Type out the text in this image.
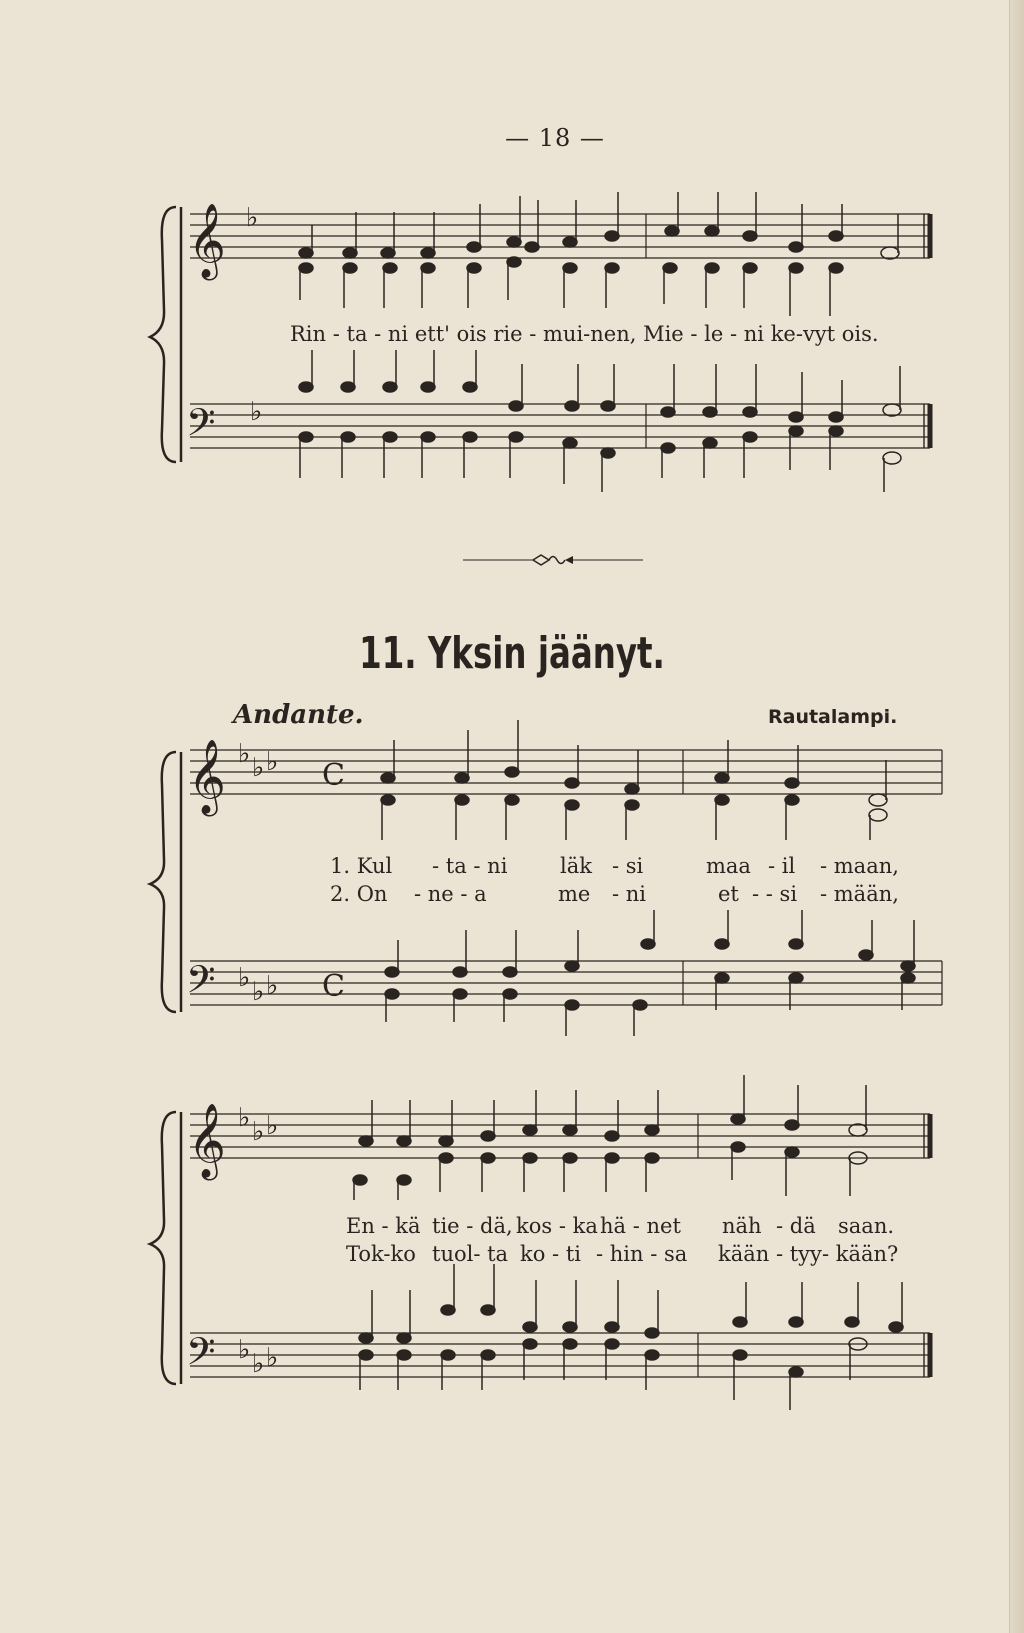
— 18 —
𝄞
𝄢
♭
♭
𝄞 ♭ ♭ ♭ C
𝄢 ♭ ♭ ♭ C
𝄞 ♭ ♭ ♭
𝄢 ♭ ♭ ♭
Rin - ta - ni ett' ois rie - mui-nen, Mie - le - ni ke-vyt ois.
11. Yksin jäänyt.
Andante.	Rautalampi.
1. Kul - ta - ni	läk - si	maa - il - maan,
2. On - ne - a	me - ni	et - - si - mään,
En - kä tie - dä, kos - ka hä - net näh - dä saan.
Tok-ko tuol- ta ko - ti - hin - sa kään - tyy - kään?
